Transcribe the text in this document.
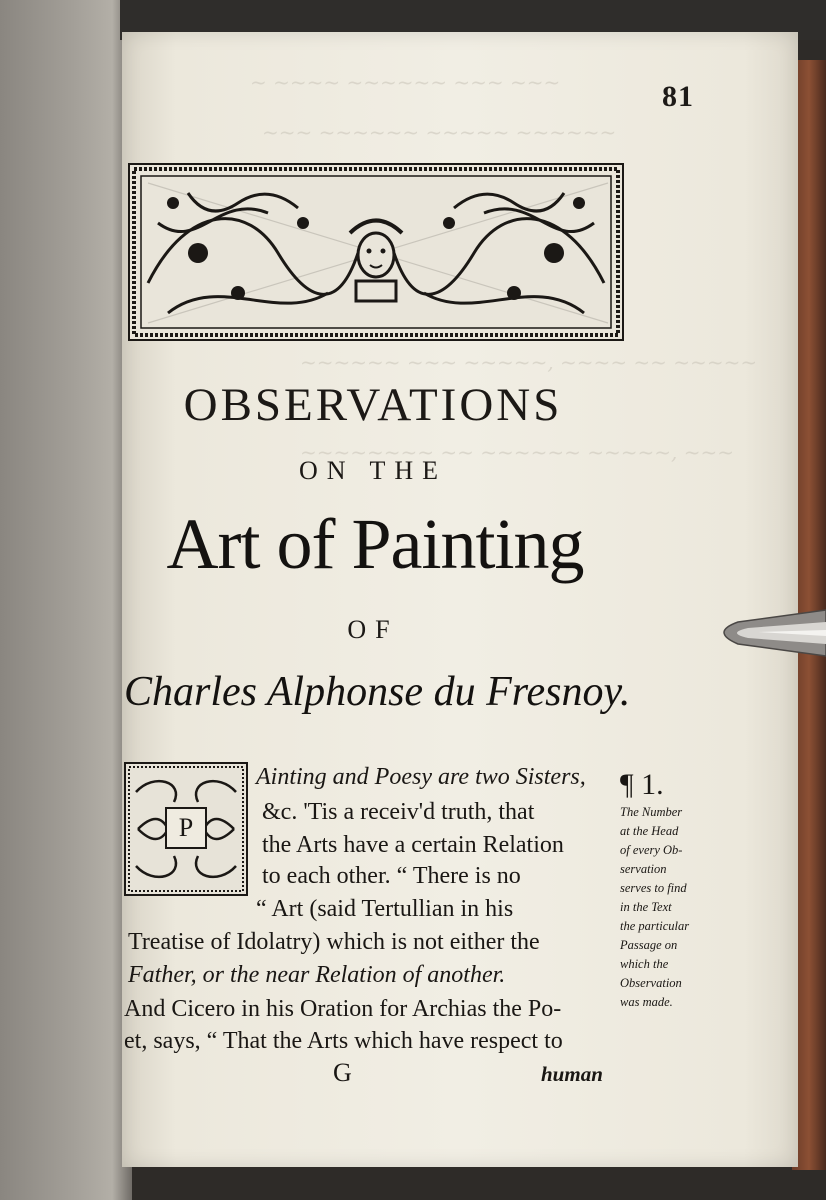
~ ~~~~ ~~~~~~ ~~~ ~~~
~~~ ~~~~~~ ~~~~~ ~~~~~~
~~~~~~ ~~~ ~~~~~, ~~~~ ~~ ~~~~~
~~~~~~~~ ~~ ~~~~~~ ~~~~~, ~~~
81
OBSERVATIONS
ON THE
Art of Painting
OF
Charles Alphonse du Fresnoy.
P
Ainting and Poesy are two Sisters,
&c. 'Tis a receiv'd truth, that
the Arts have a certain Relation
to each other. “ There is no
“ Art (said Tertullian in his
Treatise of Idolatry) which is not either the
Father, or the near Relation of another.
And Cicero in his Oration for Archias the Po-
et, says, “ That the Arts which have respect to
¶ 1.
The Number
at the Head
of every Ob-
servation
serves to find
in the Text
the particular
Passage on
which the
Observation
was made.
G	human
